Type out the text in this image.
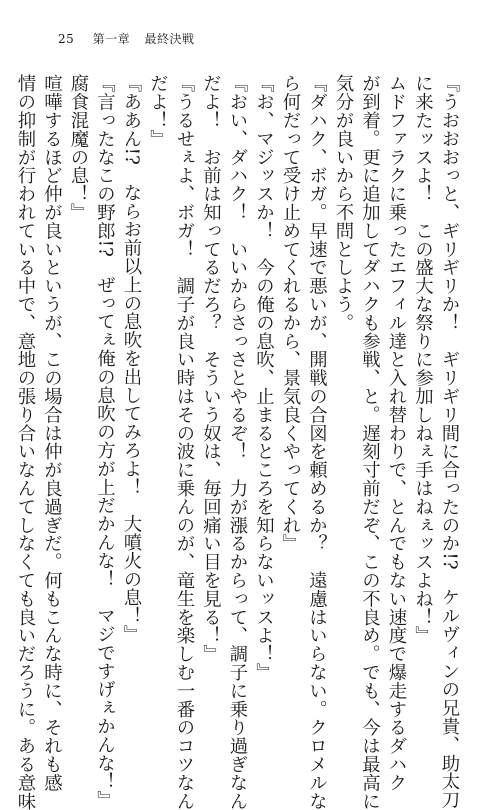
25 第一章 最終決戦
『うおおおっと、ギリギリか！　ギリギリ間に合ったのか!?　ケルヴィンの兄貴、助太刀
に来たッスよ！　この盛大な祭りに参加しねぇ手はねぇッスよね！』
ムドファラクに乗ったエフィル達と入れ替わりで、とんでもない速度で爆走するダハク
が到着。更に追加してダハクも参戦、と。遅刻寸前だぞ、この不良め。でも、今は最高に
気分が良いから不問としよう。
『ダハク、ボガ。早速で悪いが、開戦の合図を頼めるか？　遠慮はいらない。クロメルな
ら何だって受け止めてくれるから、景気良くやってくれ』
『お、マジッスか！　今の俺の息吹、止まるところを知らないッスよ！』
『おい、ダハク！　いいからさっさとやるぞ！　力が漲るからって、調子に乗り過ぎなん
だよ！　お前は知ってるだろ？　そういう奴は、毎回痛い目を見る！』
『うるせぇよ、ボガ！　調子が良い時はその波に乗んのが、竜生を楽しむ一番のコツなん
だよ！』
『ああん!?　ならお前以上の息吹を出してみろよ！　大噴火の息！』
『言ったなこの野郎!?　ぜってぇ俺の息吹の方が上だかんな！　マジですげぇかんな！』
腐食混魔の息！』
喧嘩するほど仲が良いというが、この場合は仲が良過ぎだ。何もこんな時に、それも感
情の抑制が行われている中で、意地の張り合いなんてしなくても良いだろうに。ある意味
